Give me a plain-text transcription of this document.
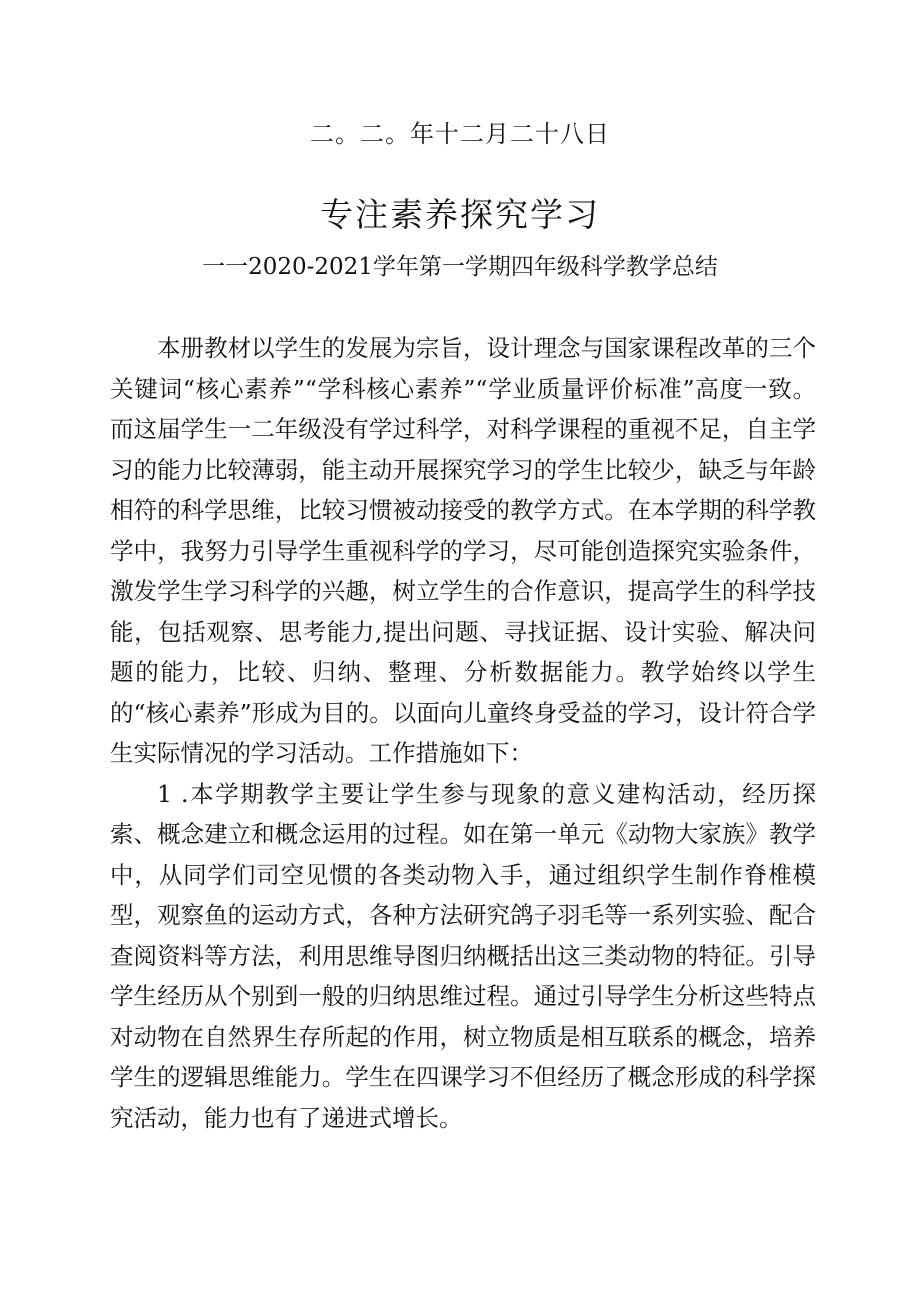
二。二。年十二月二十八日
专注素养探究学习
一一2020-2021学年第一学期四年级科学教学总结

本册教材以学生的发展为宗旨，设计理念与国家课程改革的三个关键词“核心素养”“学科核心素养”“学业质量评价标准”高度一致。而这届学生一二年级没有学过科学，对科学课程的重视不足，自主学习的能力比较薄弱，能主动开展探究学习的学生比较少，缺乏与年龄相符的科学思维，比较习惯被动接受的教学方式。在本学期的科学教学中，我努力引导学生重视科学的学习，尽可能创造探究实验条件，激发学生学习科学的兴趣，树立学生的合作意识，提高学生的科学技能，包括观察、思考能力,提出问题、寻找证据、设计实验、解决问题的能力，比较、归纳、整理、分析数据能力。教学始终以学生的“核心素养”形成为目的。以面向儿童终身受益的学习，设计符合学生实际情况的学习活动。工作措施如下：

1 .本学期教学主要让学生参与现象的意义建构活动，经历探索、概念建立和概念运用的过程。如在第一单元《动物大家族》教学中，从同学们司空见惯的各类动物入手，通过组织学生制作脊椎模型，观察鱼的运动方式，各种方法研究鸽子羽毛等一系列实验、配合查阅资料等方法，利用思维导图归纳概括出这三类动物的特征。引导学生经历从个别到一般的归纳思维过程。通过引导学生分析这些特点对动物在自然界生存所起的作用，树立物质是相互联系的概念，培养学生的逻辑思维能力。学生在四课学习不但经历了概念形成的科学探究活动，能力也有了递进式增长。
